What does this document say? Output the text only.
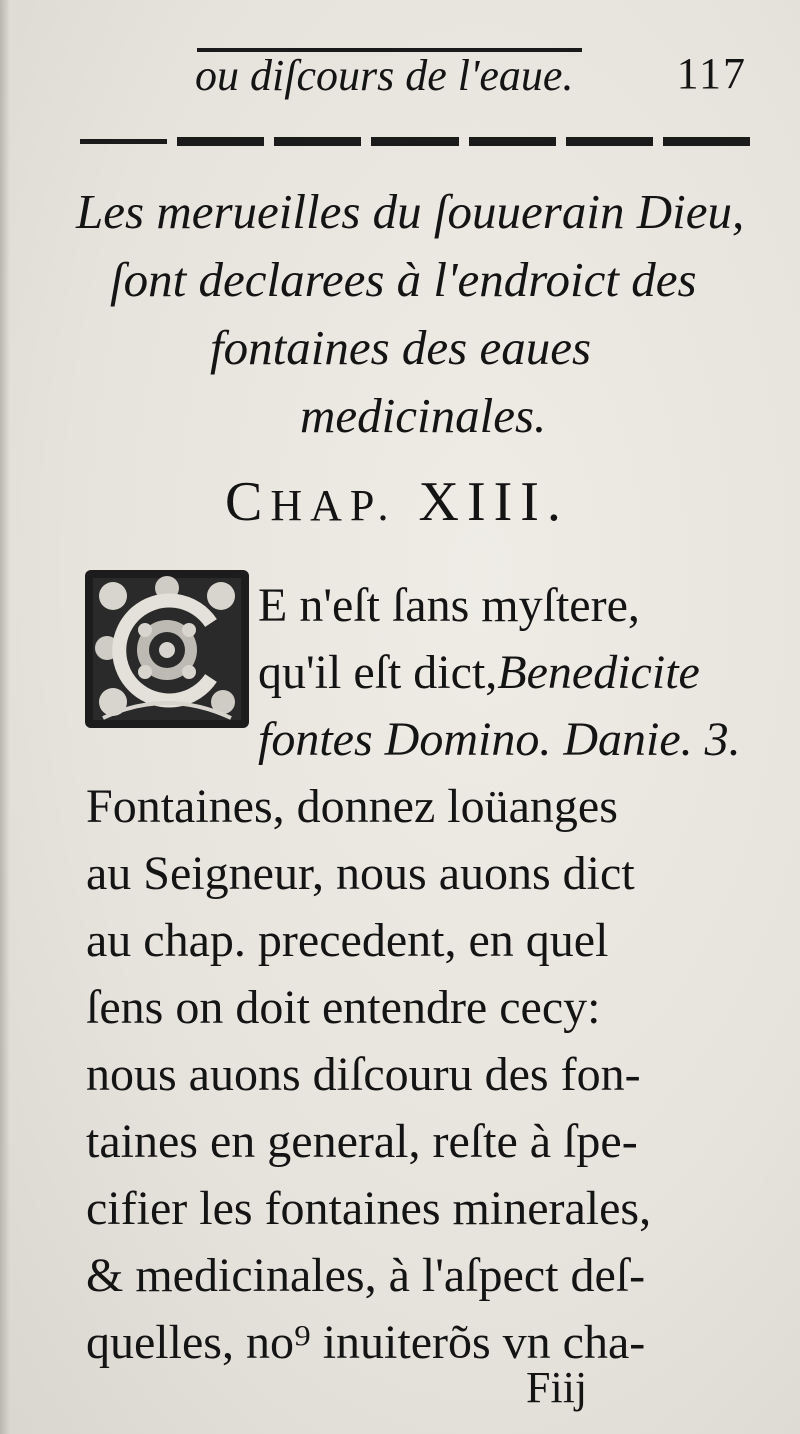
ou diſcours de l'eaue. 117
Les merueilles du ſouuerain Dieu,
ſont declarees à l'endroict des
fontaines des eaues
medicinales.
CHAP. XIII.
E n'eſt ſans myſtere,
qu'il eſt dict,Benedicite
fontes Domino. Danie. 3.
Fontaines, donnez loüanges
au Seigneur, nous auons dict
au chap. precedent, en quel
ſens on doit entendre cecy:
nous auons diſcouru des fon-
taines en general, reſte à ſpe-
cifier les fontaines minerales,
& medicinales, à l'aſpect deſ-
quelles, no⁹ inuiterõs vn cha-
Fiij
